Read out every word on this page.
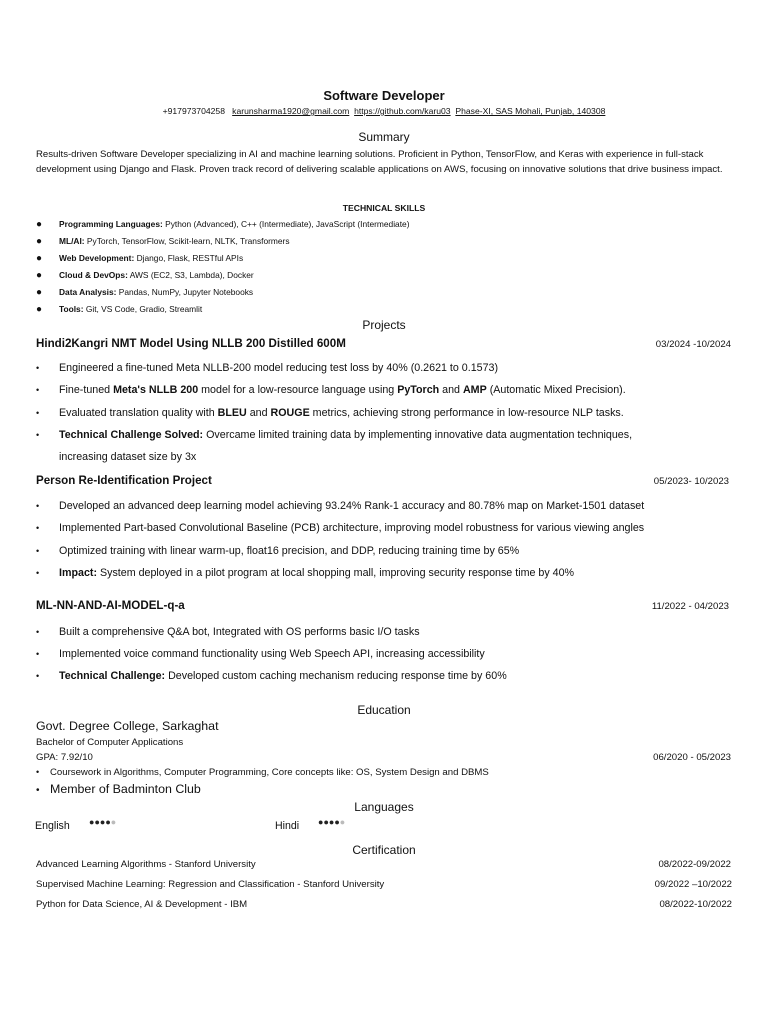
Software Developer
+917973704258 karunsharma1920@gmail.com https://github.com/karu03 Phase-XI, SAS Mohali, Punjab, 140308
Summary
Results-driven Software Developer specializing in AI and machine learning solutions. Proficient in Python, TensorFlow, and Keras with experience in full-stack development using Django and Flask. Proven track record of delivering scalable applications on AWS, focusing on innovative solutions that drive business impact.
TECHNICAL SKILLS
● Programming Languages: Python (Advanced), C++ (Intermediate), JavaScript (Intermediate)
● ML/AI: PyTorch, TensorFlow, Scikit-learn, NLTK, Transformers
● Web Development: Django, Flask, RESTful APIs
● Cloud & DevOps: AWS (EC2, S3, Lambda), Docker
● Data Analysis: Pandas, NumPy, Jupyter Notebooks
● Tools: Git, VS Code, Gradio, Streamlit
Projects
Hindi2Kangri NMT Model Using NLLB 200 Distilled 600M	03/2024 -10/2024
• Engineered a fine-tuned Meta NLLB-200 model reducing test loss by 40% (0.2621 to 0.1573)
• Fine-tuned Meta's NLLB 200 model for a low-resource language using PyTorch and AMP (Automatic Mixed Precision).
• Evaluated translation quality with BLEU and ROUGE metrics, achieving strong performance in low-resource NLP tasks.
• Technical Challenge Solved: Overcame limited training data by implementing innovative data augmentation techniques,
increasing dataset size by 3x
Person Re-Identification Project	05/2023- 10/2023
• Developed an advanced deep learning model achieving 93.24% Rank-1 accuracy and 80.78% map on Market-1501 dataset
• Implemented Part-based Convolutional Baseline (PCB) architecture, improving model robustness for various viewing angles
• Optimized training with linear warm-up, float16 precision, and DDP, reducing training time by 65%
• Impact: System deployed in a pilot program at local shopping mall, improving security response time by 40%
ML-NN-AND-AI-MODEL-q-a	11/2022 - 04/2023
• Built a comprehensive Q&A bot, Integrated with OS performs basic I/O tasks
• Implemented voice command functionality using Web Speech API, increasing accessibility
• Technical Challenge: Developed custom caching mechanism reducing response time by 60%
Education
Govt. Degree College, Sarkaghat
Bachelor of Computer Applications
GPA: 7.92/10	06/2020 - 05/2023
• Coursework in Algorithms, Computer Programming, Core concepts like: OS, System Design and DBMS
• Member of Badminton Club
Languages
English ●●●●●	Hindi ●●●●●
Certification
Advanced Learning Algorithms - Stanford University	08/2022-09/2022
Supervised Machine Learning: Regression and Classification - Stanford University	09/2022 –10/2022
Python for Data Science, AI & Development - IBM	08/2022-10/2022
